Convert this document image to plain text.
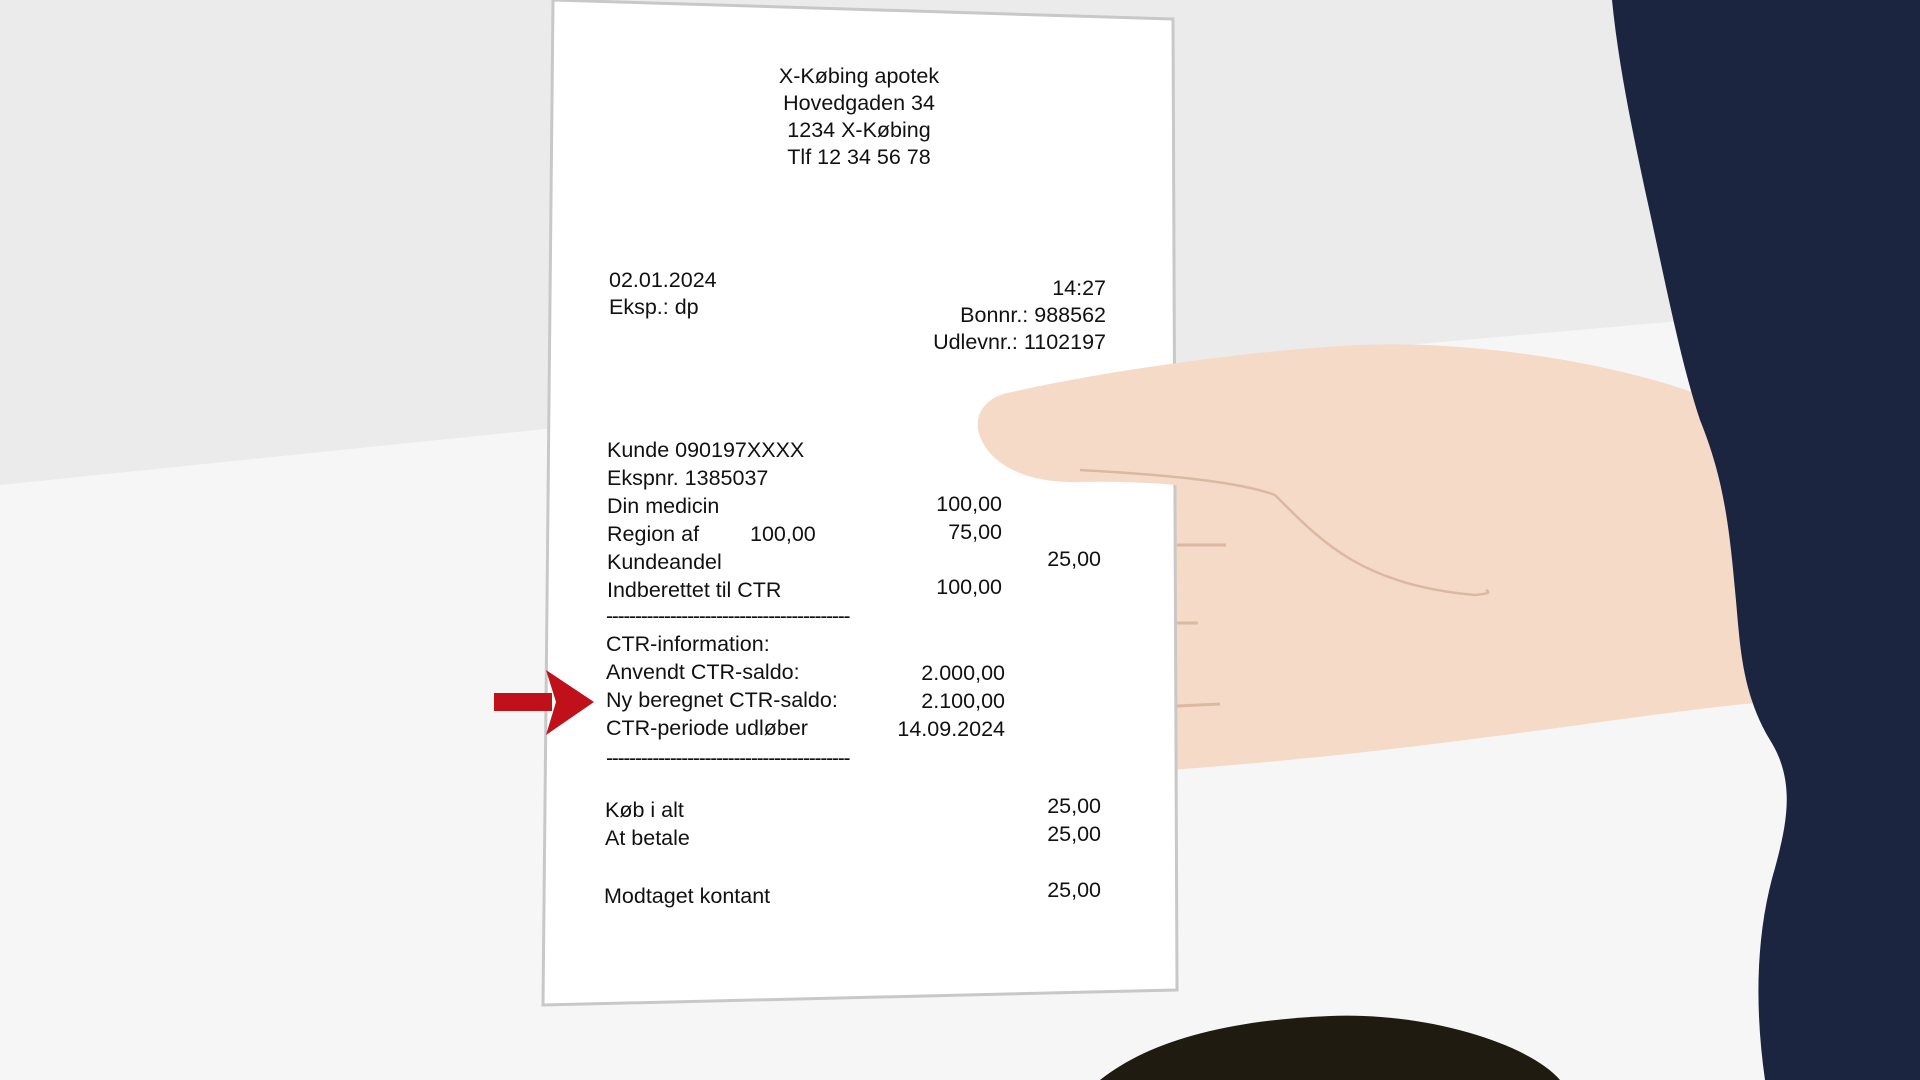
X-Købing apotek
Hovedgaden 34
1234 X-Købing
Tlf 12 34 56 78
02.01.2024
Eksp.: dp
14:27
Bonnr.: 988562
Udlevnr.: 1102197
Kunde 090197XXXX
Ekspnr. 1385037
Din medicin	100,00
Region af 100,00	75,00
Kundeandel	25,00
Indberettet til CTR	100,00
------------------------------------------
CTR-information:
Anvendt CTR-saldo:	2.000,00
Ny beregnet CTR-saldo:	2.100,00
CTR-periode udløber	14.09.2024
------------------------------------------
Køb i alt	25,00
At betale	25,00
Modtaget kontant	25,00
